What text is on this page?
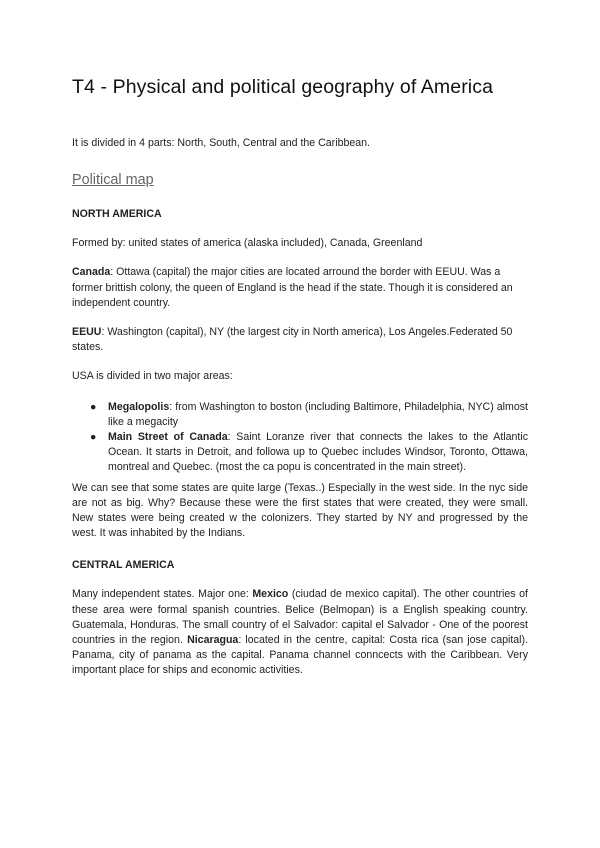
T4 - Physical and political geography of America

It is divided in 4 parts: North, South, Central and the Caribbean.

Political map
NORTH AMERICA

Formed by: united states of america (alaska included), Canada, Greenland

Canada: Ottawa (capital) the major cities are located arround the border with EEUU. Was a former brittish colony, the queen of England is the head if the state. Though it is considered an independent country.

EEUU: Washington (capital), NY (the largest city in North america), Los Angeles.Federated 50 states.

USA is divided in two major areas:

● Megalopolis: from Washington to boston (including Baltimore, Philadelphia, NYC) almost like a megacity
● Main Street of Canada: Saint Loranze river that connects the lakes to the Atlantic Ocean. It starts in Detroit, and followa up to Quebec includes Windsor, Toronto, Ottawa, montreal and Quebec. (most the ca popu is concentrated in the main street).

We can see that some states are quite large (Texas..) Especially in the west side. In the nyc side are not as big. Why? Because these were the first states that were created, they were small. New states were being created w the colonizers. They started by NY and progressed by the west. It was inhabited by the Indians.

CENTRAL AMERICA

Many independent states. Major one: Mexico (ciudad de mexico capital). The other countries of these area were formal spanish countries. Belice (Belmopan) is a English speaking country. Guatemala, Honduras. The small country of el Salvador: capital el Salvador - One of the poorest countries in the region. Nicaragua: located in the centre, capital: Costa rica (san jose capital). Panama, city of panama as the capital. Panama channel conncects with the Caribbean. Very important place for ships and economic activities.
